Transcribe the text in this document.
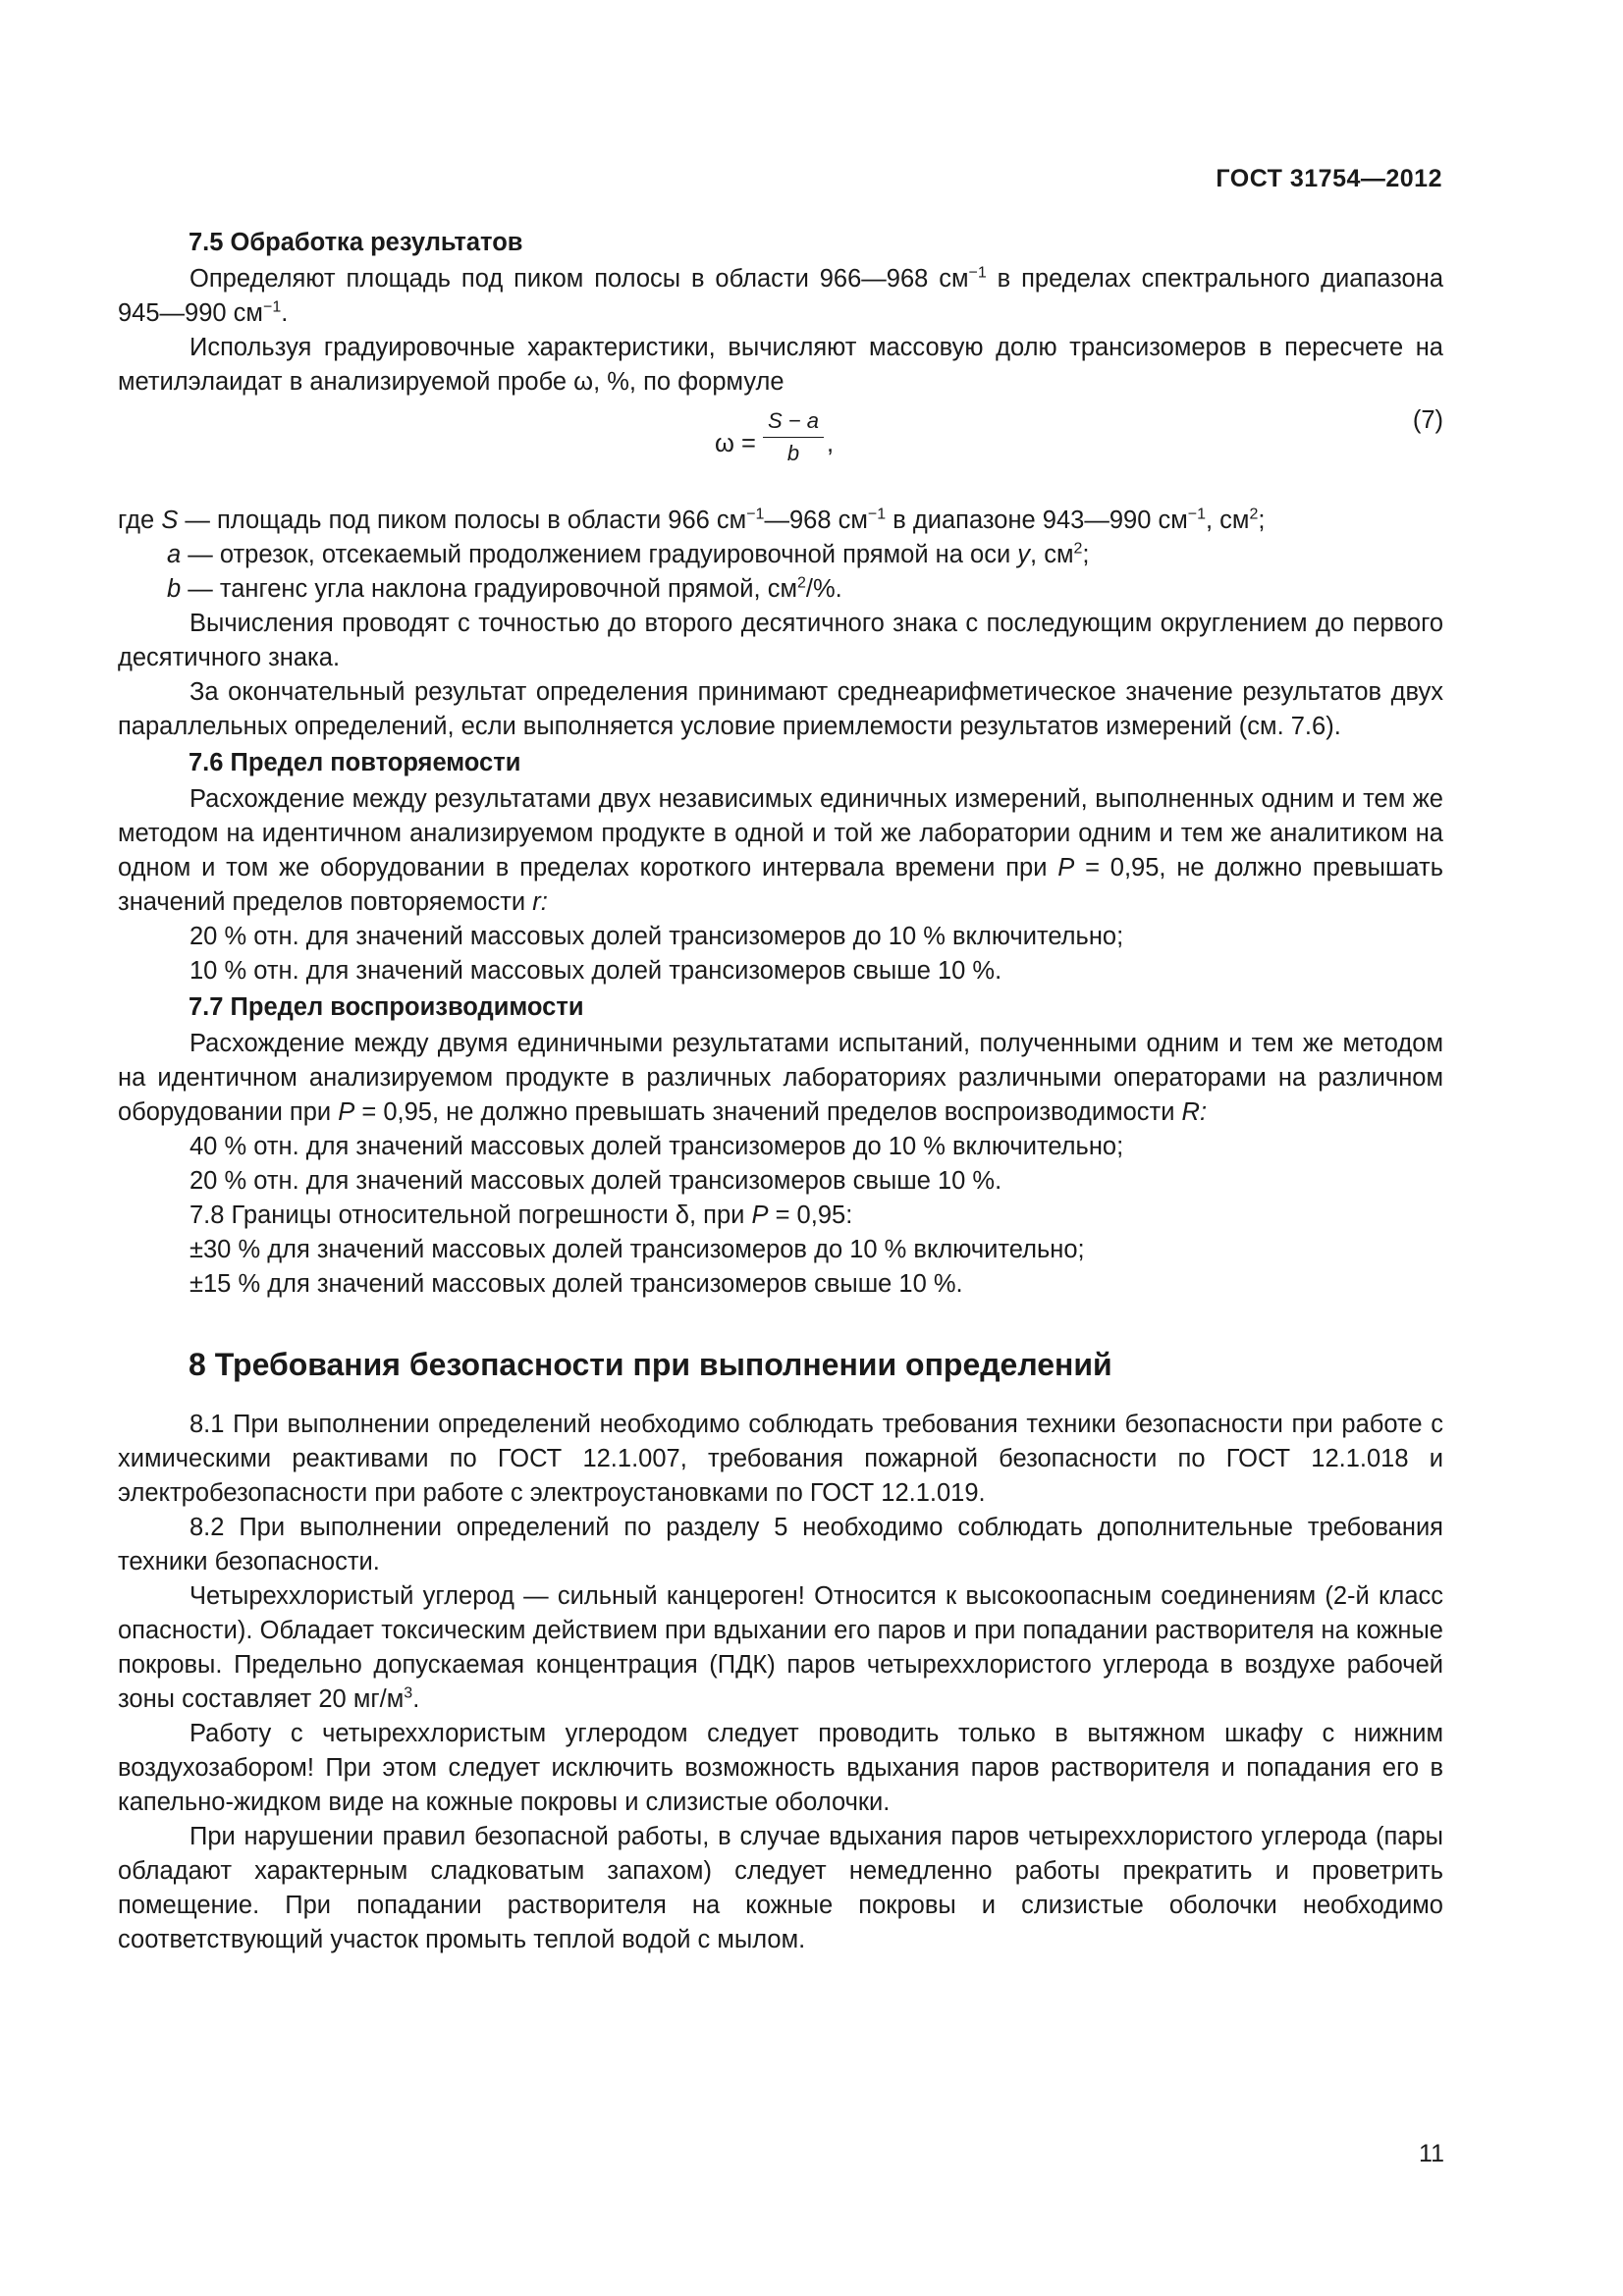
ГОСТ 31754—2012

7.5 Обработка результатов

Определяют площадь под пиком полосы в области 966—968 $см^{-1}$ в пределах спектрального диапазона 945—990 $см^{-1}$.

Используя градуировочные характеристики, вычисляют массовую долю трансизомеров в пересчете на метилэлаидат в анализируемой пробе ω, %, по формуле

$\omega = \frac{S - a}{b}$ ,
(7)

где S — площадь под пиком полосы в области 966 $см^{-1}—968$ $см^{-1}$ в диапазоне 943—990 $см^{-1}$, $см^2$;

a — отрезок, отсекаемый продолжением градуировочной прямой на оси y, $см^2$;

b — тангенс угла наклона градуировочной прямой, $см^2/\%$.

Вычисления проводят с точностью до второго десятичного знака с последующим округлением до первого десятичного знака.

За окончательный результат определения принимают среднеарифметическое значение результатов двух параллельных определений, если выполняется условие приемлемости результатов измерений (см. 7.6).

7.6 Предел повторяемости

Расхождение между результатами двух независимых единичных измерений, выполненных одним и тем же методом на идентичном анализируемом продукте в одной и той же лаборатории одним и тем же аналитиком на одном и том же оборудовании в пределах короткого интервала времени при P = 0,95, не должно превышать значений пределов повторяемости r:

20 % отн. для значений массовых долей трансизомеров до 10 % включительно;

10 % отн. для значений массовых долей трансизомеров свыше 10 %.

7.7 Предел воспроизводимости

Расхождение между двумя единичными результатами испытаний, полученными одним и тем же методом на идентичном анализируемом продукте в различных лабораториях различными операторами на различном оборудовании при P = 0,95, не должно превышать значений пределов воспроизводимости R:

40 % отн. для значений массовых долей трансизомеров до 10 % включительно;

20 % отн. для значений массовых долей трансизомеров свыше 10 %.

7.8 Границы относительной погрешности δ, при P = 0,95:

±30 % для значений массовых долей трансизомеров до 10 % включительно;

±15 % для значений массовых долей трансизомеров свыше 10 %.

8 Требования безопасности при выполнении определений

8.1 При выполнении определений необходимо соблюдать требования техники безопасности при работе с химическими реактивами по ГОСТ 12.1.007, требования пожарной безопасности по ГОСТ 12.1.018 и электробезопасности при работе с электроустановками по ГОСТ 12.1.019.

8.2 При выполнении определений по разделу 5 необходимо соблюдать дополнительные требования техники безопасности.

Четыреххлористый углерод — сильный канцероген! Относится к высокоопасным соединениям (2-й класс опасности). Обладает токсическим действием при вдыхании его паров и при попадании растворителя на кожные покровы. Предельно допускаемая концентрация (ПДК) паров четыреххлористого углерода в воздухе рабочей зоны составляет 20 $мг/м^3$.

Работу с четыреххлористым углеродом следует проводить только в вытяжном шкафу с нижним воздухозабором! При этом следует исключить возможность вдыхания паров растворителя и попадания его в капельно-жидком виде на кожные покровы и слизистые оболочки.

При нарушении правил безопасной работы, в случае вдыхания паров четыреххлористого углерода (пары обладают характерным сладковатым запахом) следует немедленно работы прекратить и проветрить помещение. При попадании растворителя на кожные покровы и слизистые оболочки необходимо соответствующий участок промыть теплой водой с мылом.

11
